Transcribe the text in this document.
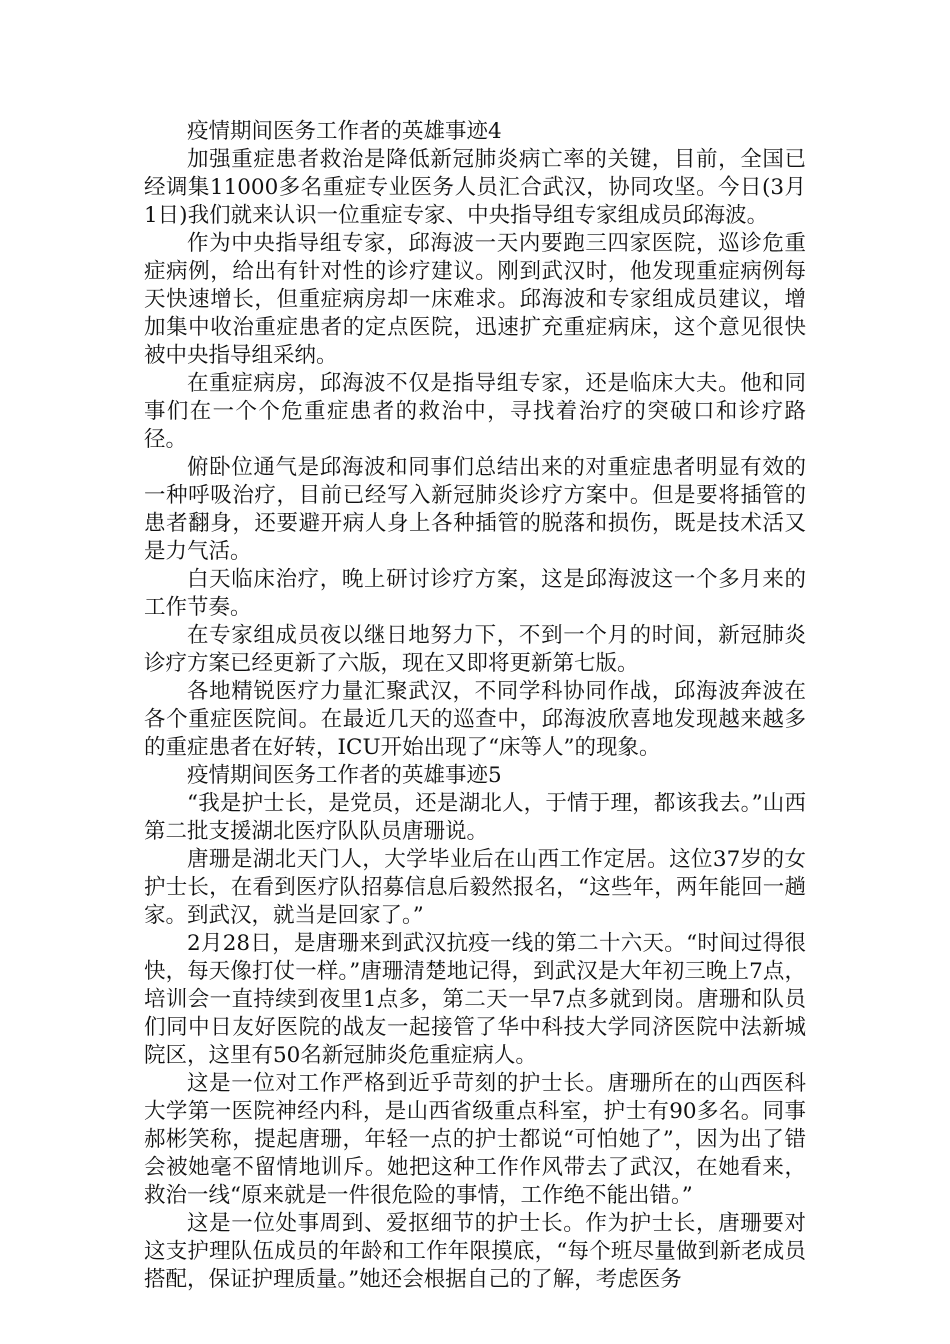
疫情期间医务工作者的英雄事迹4

加强重症患者救治是降低新冠肺炎病亡率的关键，目前，全国已经调集11000多名重症专业医务人员汇合武汉，协同攻坚。今日(3月1日)我们就来认识一位重症专家、中央指导组专家组成员邱海波。

作为中央指导组专家，邱海波一天内要跑三四家医院，巡诊危重症病例，给出有针对性的诊疗建议。刚到武汉时，他发现重症病例每天快速增长，但重症病房却一床难求。邱海波和专家组成员建议，增加集中收治重症患者的定点医院，迅速扩充重症病床，这个意见很快被中央指导组采纳。

在重症病房，邱海波不仅是指导组专家，还是临床大夫。他和同事们在一个个危重症患者的救治中，寻找着治疗的突破口和诊疗路径。

俯卧位通气是邱海波和同事们总结出来的对重症患者明显有效的一种呼吸治疗，目前已经写入新冠肺炎诊疗方案中。但是要将插管的患者翻身，还要避开病人身上各种插管的脱落和损伤，既是技术活又是力气活。

白天临床治疗，晚上研讨诊疗方案，这是邱海波这一个多月来的工作节奏。

在专家组成员夜以继日地努力下，不到一个月的时间，新冠肺炎诊疗方案已经更新了六版，现在又即将更新第七版。

各地精锐医疗力量汇聚武汉，不同学科协同作战，邱海波奔波在各个重症医院间。在最近几天的巡查中，邱海波欣喜地发现越来越多的重症患者在好转，ICU开始出现了“床等人”的现象。

疫情期间医务工作者的英雄事迹5

“我是护士长，是党员，还是湖北人，于情于理，都该我去。”山西第二批支援湖北医疗队队员唐珊说。

唐珊是湖北天门人，大学毕业后在山西工作定居。这位37岁的女护士长，在看到医疗队招募信息后毅然报名，“这些年，两年能回一趟家。到武汉，就当是回家了。”

2月28日，是唐珊来到武汉抗疫一线的第二十六天。“时间过得很快，每天像打仗一样。”唐珊清楚地记得，到武汉是大年初三晚上7点，培训会一直持续到夜里1点多，第二天一早7点多就到岗。唐珊和队员们同中日友好医院的战友一起接管了华中科技大学同济医院中法新城院区，这里有50名新冠肺炎危重症病人。

这是一位对工作严格到近乎苛刻的护士长。唐珊所在的山西医科大学第一医院神经内科，是山西省级重点科室，护士有90多名。同事郝彬笑称，提起唐珊，年轻一点的护士都说“可怕她了”，因为出了错会被她毫不留情地训斥。她把这种工作作风带去了武汉，在她看来，救治一线“原来就是一件很危险的事情，工作绝不能出错。”

这是一位处事周到、爱抠细节的护士长。作为护士长，唐珊要对这支护理队伍成员的年龄和工作年限摸底，“每个班尽量做到新老成员搭配，保证护理质量。”她还会根据自己的了解，考虑医务
